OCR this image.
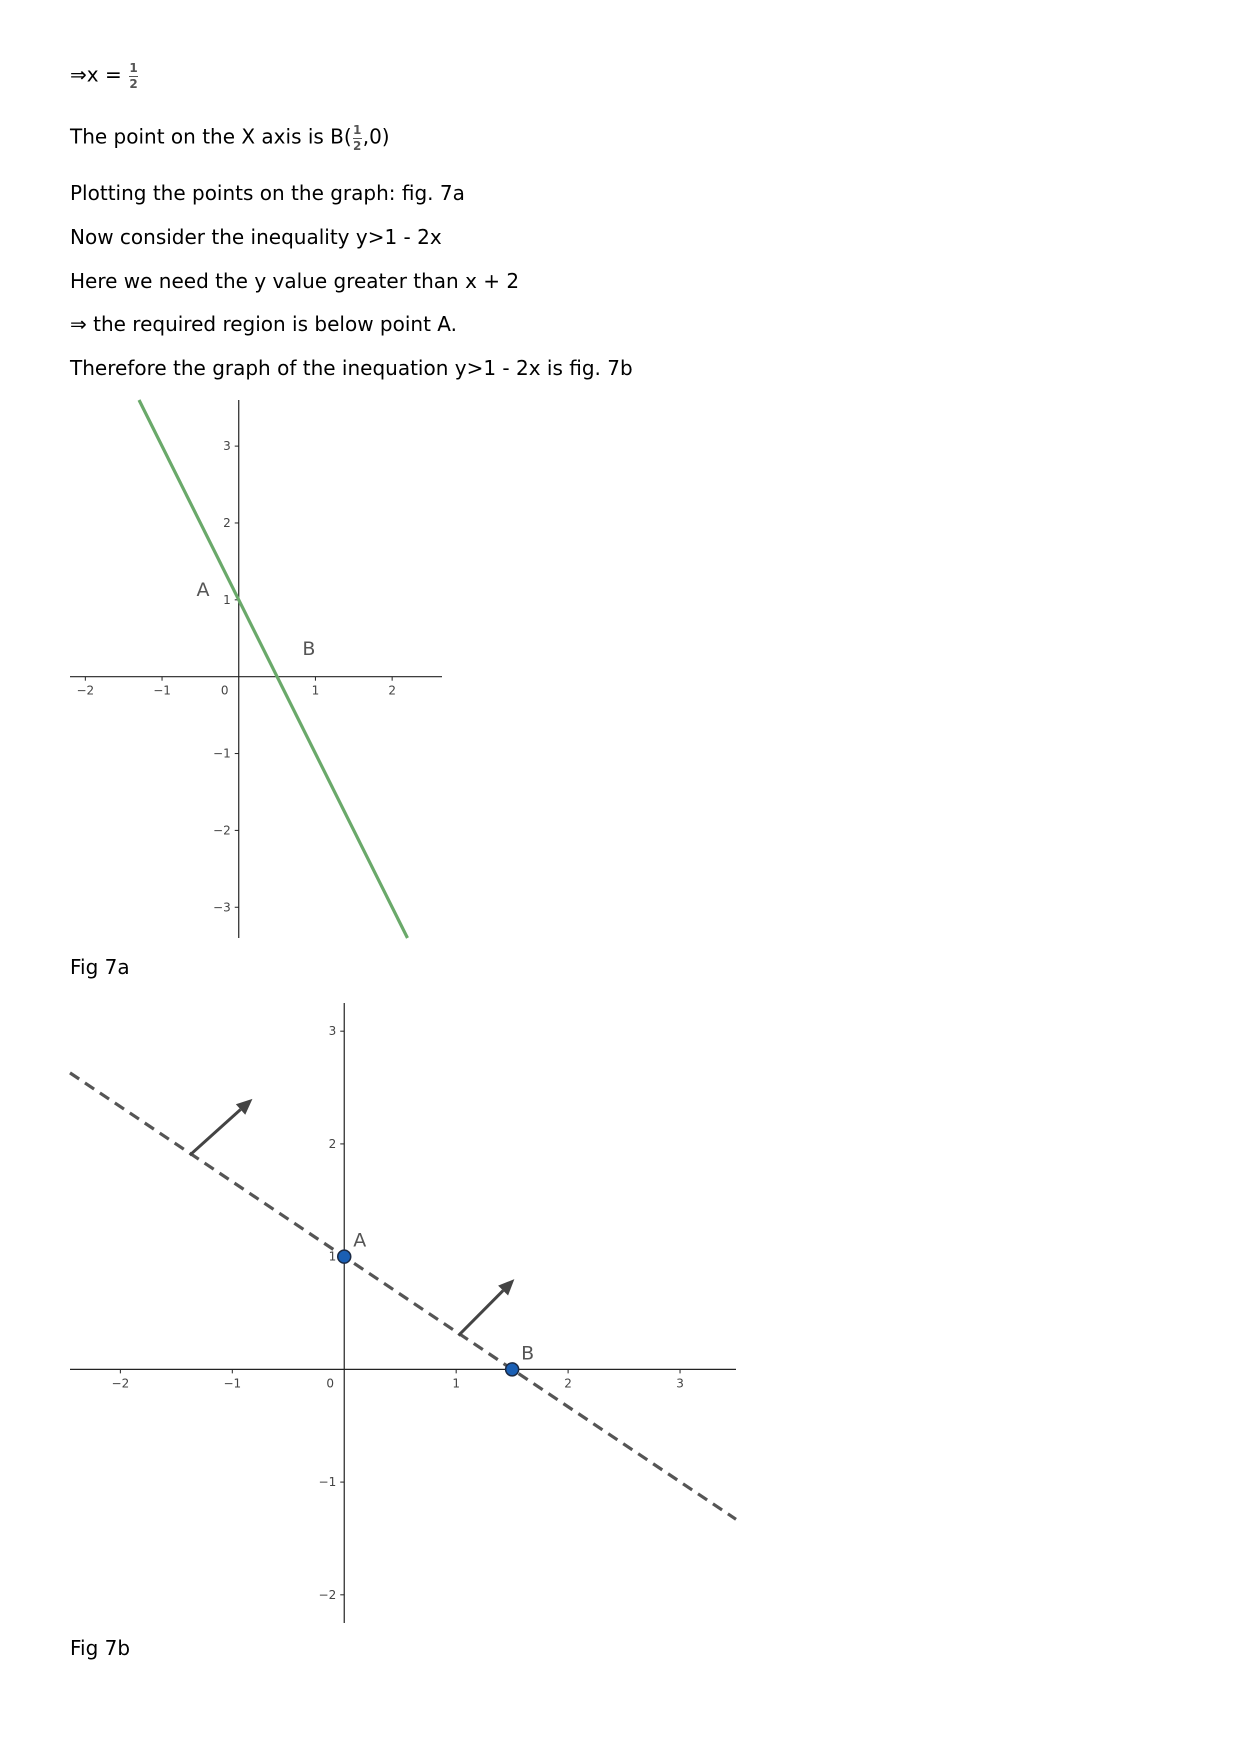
⇒x = $\frac{1}{2}$
The point on the X axis is $B( \frac{1}{2} ,0)$
Plotting the points on the graph: fig. 7a
Now consider the inequality y>1 - 2x
Here we need the y value greater than x + 2
⇒ the required region is below point A.
Therefore the graph of the inequation y>1 - 2x is fig. 7b
−2	−1	0	1	2
−3
−2
−1
1
2
3
A
B
Fig 7a
−2	−1	0	1	2	3
−2
−1
1
2
3
A
B
Fig 7b
